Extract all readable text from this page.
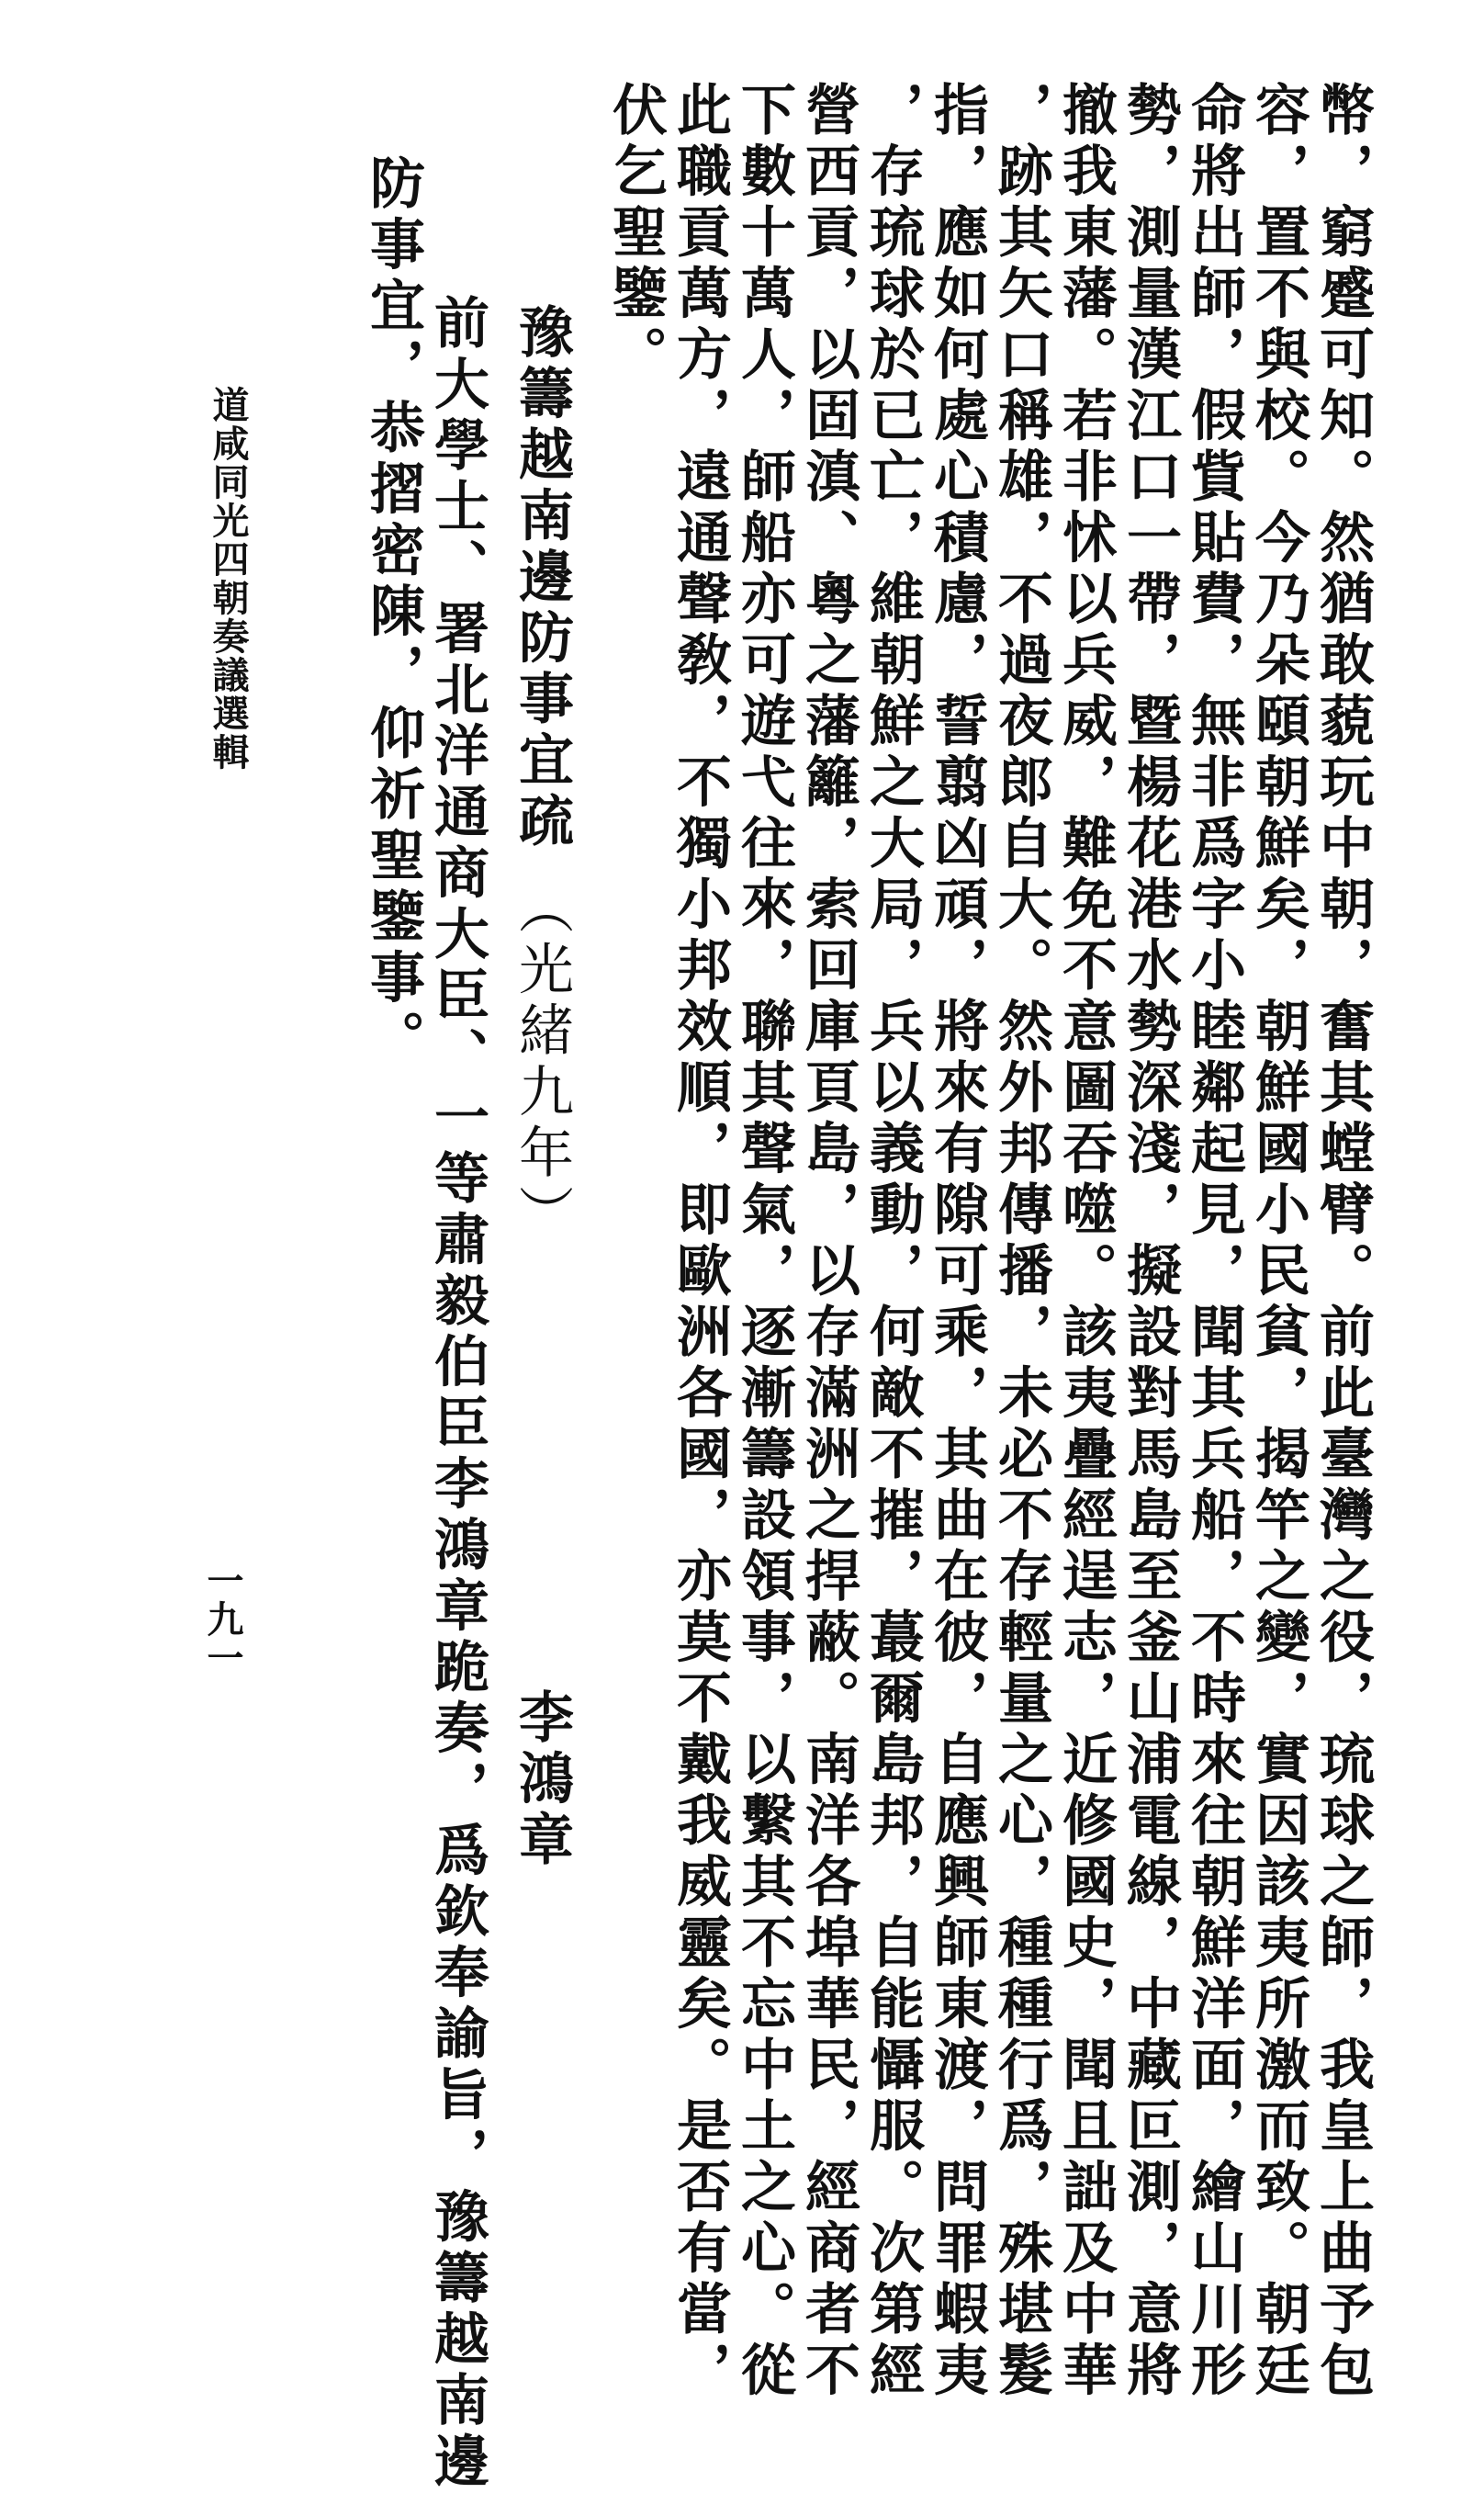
幣，窮蹙可知。然猶敢藐玩中朝，奮其螳臂。前此臺灣之役，琉球之師，我皇上曲予包
容，置不與校。今乃朵頤朝鮮矣，朝鮮國小民貧，揭竿之變，實因該夷所激而致。朝廷
命將出師，假貲貼費，無非爲字小睦鄰起見，聞其兵船，不時來往朝鮮洋面，繪山川形
勢，測量漢江口一帶，暨楊花港水勢深淺，擬設對馬島至釜山浦電線，中藏叵測，意將
撤我東藩。若非怵以兵威，難免不意圖吞噬。該夷疊經逞志，近修國史，聞且詘及中華
，跡其矢口稱雄，不過夜郎自大。然外邦傳播，未必不存輕量之心，種種行爲，殊堪髮
指，應如何處心積慮，誓翦凶頑，將來有隙可乘，其曲在彼，自應興師東渡，問罪蝦夷
，存琉球於已亡，維朝鮮之大局，兵以義動，何敵不摧，蕞爾島邦，自能懾服。次第經
營西貢，以固滇、粵之藩籬，索回庫頁島，以存滿洲之捍蔽。南洋各埠華民，經商者不
下數十萬人，師船亦可遊弋往來，聯其聲氣，逐漸籌設領事，以繫其不忘中土之心。從
此職貢萬方，遠通聲敎，不獨小邦效順，即歐洲各國，亦莫不戴我威靈矣。是否有當，
伏乞聖鑒。
豫籌越南邊防事宜疏（光緒九年）
李鴻章
前大學士、署北洋通商大臣、一等肅毅伯臣李鴻章跪奏，爲欽奉諭旨，豫籌越南邊
防事宜，恭摺密陳，仰祈聖鑒事。
道咸同光四朝奏議選輯
一九一
